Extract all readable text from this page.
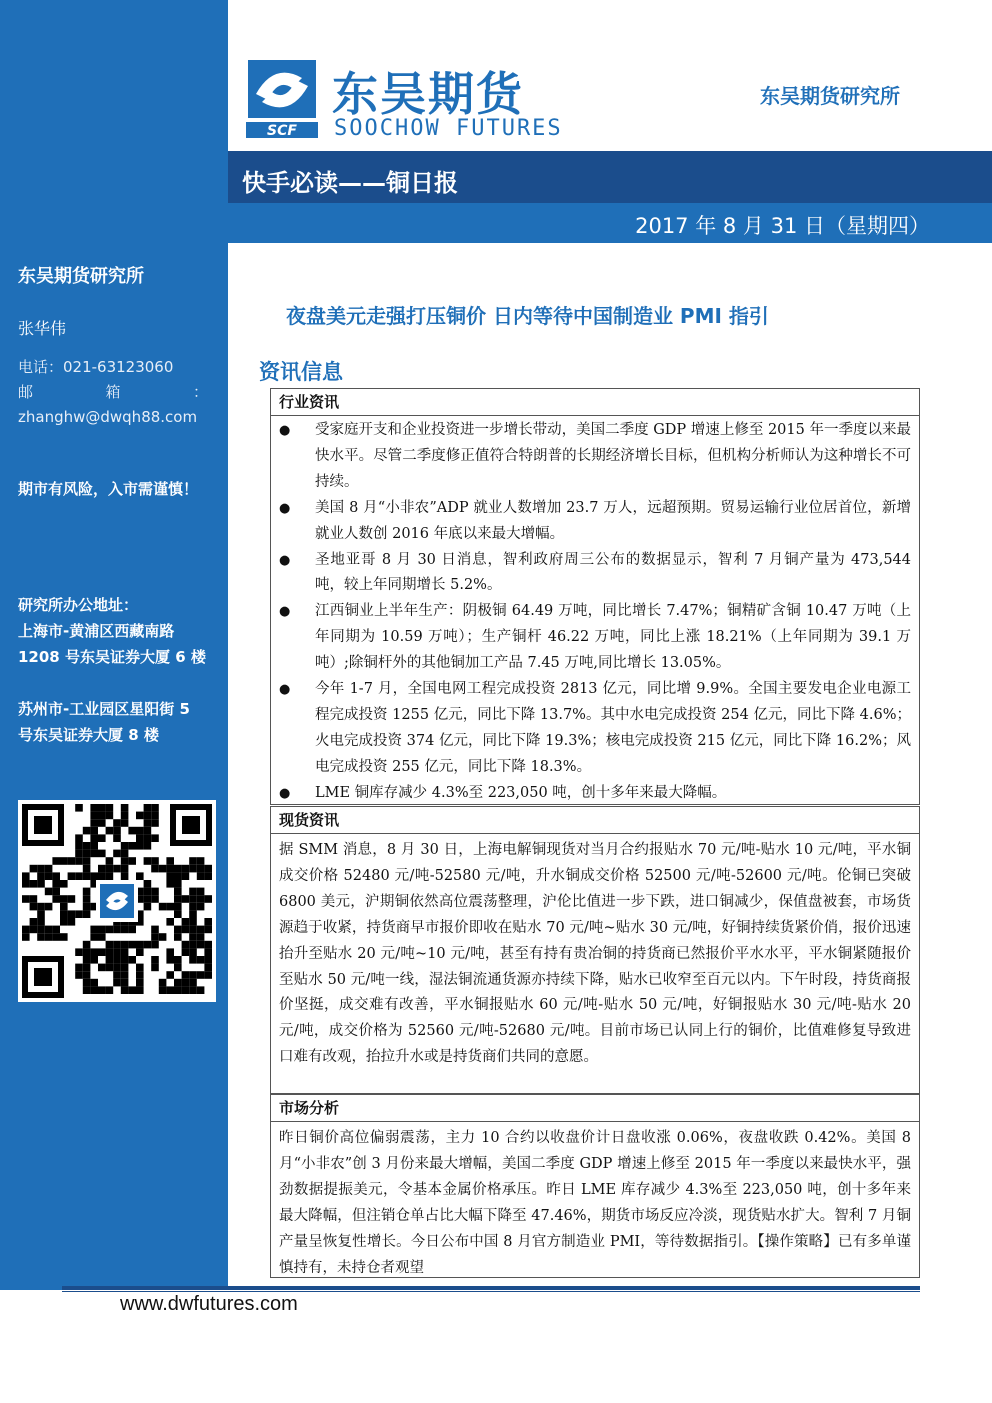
东吴期货研究所
张华伟
电话：021-63123060
邮	箱	：
zhanghw@dwqh88.com
期市有风险，入市需谨慎！
研究所办公地址：
上海市-黄浦区西藏南路
1208 号东吴证券大厦 6 楼
苏州市-工业园区星阳街 5
号东吴证券大厦 8 楼
SCF
东吴期货
SOOCHOW FUTURES
东吴期货研究所
快手必读——铜日报
2017 年 8 月 31 日（星期四）
夜盘美元走强打压铜价 日内等待中国制造业 PMI 指引
资讯信息
行业资讯
●	受家庭开支和企业投资进一步增长带动，美国二季度 GDP 增速上修至 2015 年一季度以来最快水平。尽管二季度修正值符合特朗普的长期经济增长目标，但机构分析师认为这种增长不可持续。
●	美国 8 月“小非农”ADP 就业人数增加 23.7 万人，远超预期。贸易运输行业位居首位，新增就业人数创 2016 年底以来最大增幅。
●	圣地亚哥 8 月 30 日消息，智利政府周三公布的数据显示，智利 7 月铜产量为 473,544 吨，较上年同期增长 5.2%。
●	江西铜业上半年生产：阴极铜 64.49 万吨，同比增长 7.47%；铜精矿含铜 10.47 万吨（上年同期为 10.59 万吨）；生产铜杆 46.22 万吨，同比上涨 18.21%（上年同期为 39.1 万吨）;除铜杆外的其他铜加工产品 7.45 万吨,同比增长 13.05%。
●	今年 1-7 月，全国电网工程完成投资 2813 亿元，同比增 9.9%。全国主要发电企业电源工程完成投资 1255 亿元，同比下降 13.7%。其中水电完成投资 254 亿元，同比下降 4.6%；火电完成投资 374 亿元，同比下降 19.3%；核电完成投资 215 亿元，同比下降 16.2%；风电完成投资 255 亿元，同比下降 18.3%。
●	LME 铜库存减少 4.3%至 223,050 吨，创十多年来最大降幅。
现货资讯
据 SMM 消息，8 月 30 日，上海电解铜现货对当月合约报贴水 70 元/吨-贴水 10 元/吨，平水铜成交价格 52480 元/吨-52580 元/吨，升水铜成交价格 52500 元/吨-52600 元/吨。伦铜已突破 6800 美元，沪期铜依然高位震荡整理，沪伦比值进一步下跌，进口铜减少，保值盘被套，市场货源趋于收紧，持货商早市报价即收在贴水 70 元/吨~贴水 30 元/吨，好铜持续货紧价俏，报价迅速抬升至贴水 20 元/吨~10 元/吨，甚至有持有贵冶铜的持货商已然报价平水水平，平水铜紧随报价至贴水 50 元/吨一线，湿法铜流通货源亦持续下降，贴水已收窄至百元以内。下午时段，持货商报价坚挺，成交难有改善，平水铜报贴水 60 元/吨-贴水 50 元/吨，好铜报贴水 30 元/吨-贴水 20 元/吨，成交价格为 52560 元/吨-52680 元/吨。目前市场已认同上行的铜价，比值难修复导致进口难有改观，抬拉升水或是持货商们共同的意愿。
市场分析
昨日铜价高位偏弱震荡，主力 10 合约以收盘价计日盘收涨 0.06%，夜盘收跌 0.42%。美国 8 月“小非农”创 3 月份来最大增幅，美国二季度 GDP 增速上修至 2015 年一季度以来最快水平，强劲数据提振美元，令基本金属价格承压。昨日 LME 库存减少 4.3%至 223,050 吨，创十多年来最大降幅，但注销仓单占比大幅下降至 47.46%，期货市场反应冷淡，现货贴水扩大。智利 7 月铜产量呈恢复性增长。今日公布中国 8 月官方制造业 PMI，等待数据指引。【操作策略】已有多单谨慎持有，未持仓者观望
www.dwfutures.com
